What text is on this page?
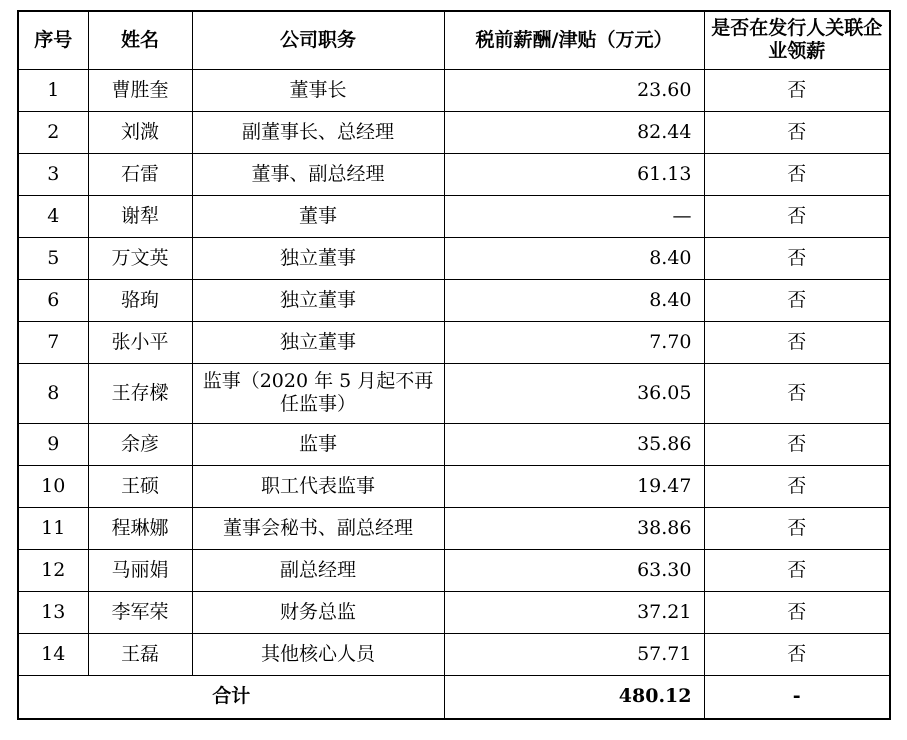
序号	姓名	公司职务	税前薪酬/津贴（万元）	是否在发行人关联企业领薪
1	曹胜奎	董事长	23.60	否
2	刘溦	副董事长、总经理	82.44	否
3	石雷	董事、副总经理	61.13	否
4	谢犁	董事	—	否
5	万文英	独立董事	8.40	否
6	骆珣	独立董事	8.40	否
7	张小平	独立董事	7.70	否
8	王存樑	监事（2020 年 5 月起不再任监事）	36.05	否
9	余彦	监事	35.86	否
10	王硕	职工代表监事	19.47	否
11	程琳娜	董事会秘书、副总经理	38.86	否
12	马丽娟	副总经理	63.30	否
13	李军荣	财务总监	37.21	否
14	王磊	其他核心人员	57.71	否
合计			480.12	-
